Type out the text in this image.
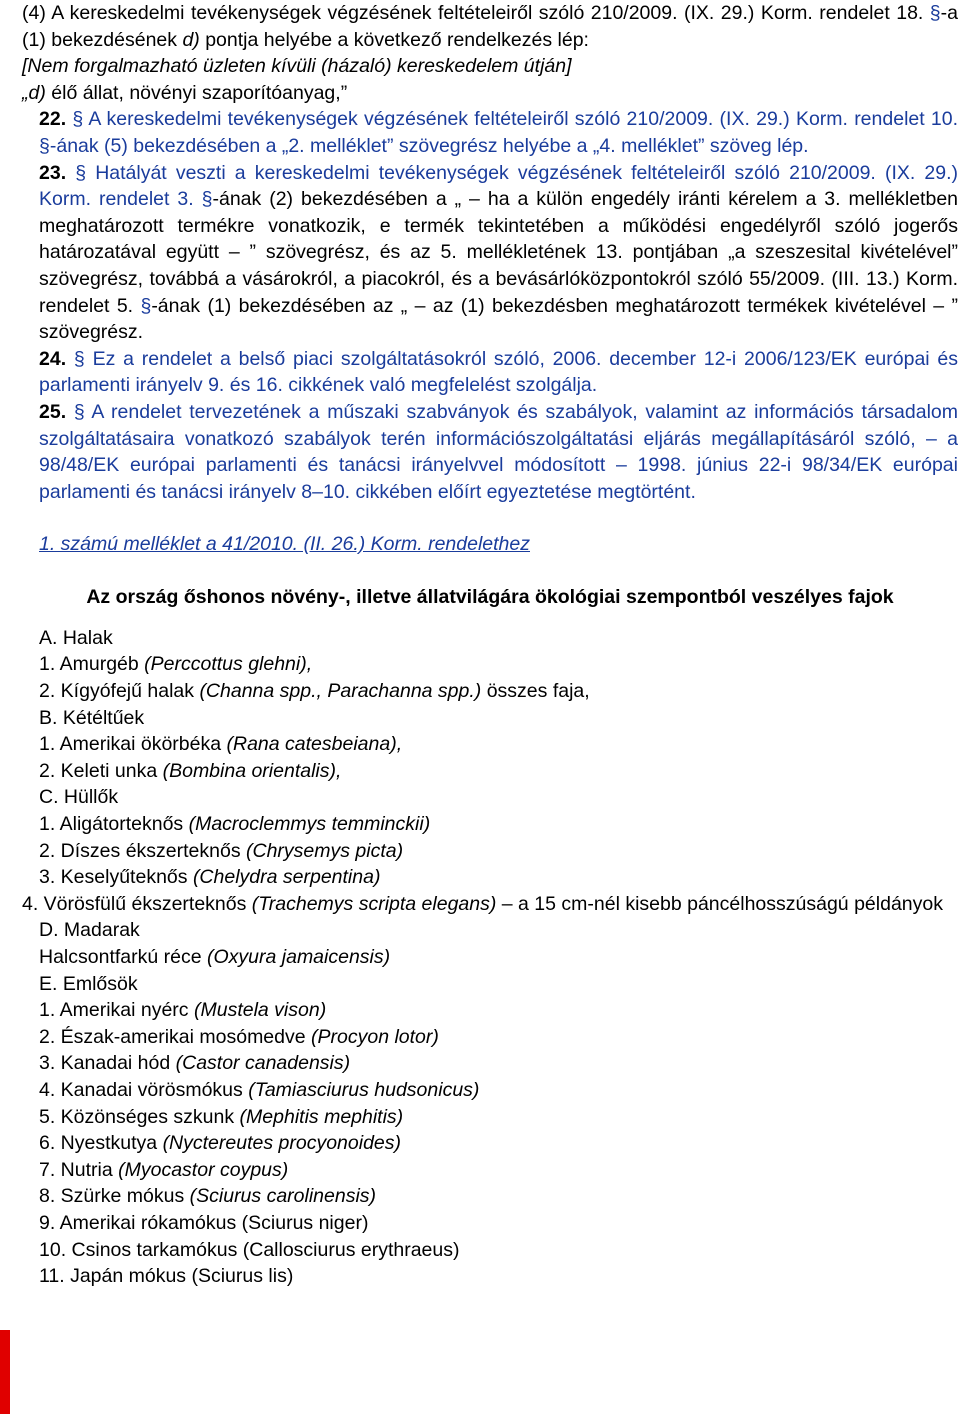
(4) A kereskedelmi tevékenységek végzésének feltételeiről szóló 210/2009. (IX. 29.) Korm. rendelet 18. §-a (1) bekezdésének d) pontja helyébe a következő rendelkezés lép:
[Nem forgalmazható üzleten kívüli (házaló) kereskedelem útján]
„d) élő állat, növényi szaporítóanyag,”

22. § A kereskedelmi tevékenységek végzésének feltételeiről szóló 210/2009. (IX. 29.) Korm. rendelet 10. §-ának (5) bekezdésében a „2. melléklet” szövegrész helyébe a „4. melléklet” szöveg lép.

23. § Hatályát veszti a kereskedelmi tevékenységek végzésének feltételeiről szóló 210/2009. (IX. 29.) Korm. rendelet 3. §-ának (2) bekezdésében a „ – ha a külön engedély iránti kérelem a 3. mellékletben meghatározott termékre vonatkozik, e termék tekintetében a működési engedélyről szóló jogerős határozatával együtt – ” szövegrész, és az 5. mellékletének 13. pontjában „a szeszesital kivételével” szövegrész, továbbá a vásárokról, a piacokról, és a bevásárlóközpontokról szóló 55/2009. (III. 13.) Korm. rendelet 5. §-ának (1) bekezdésében az „ – az (1) bekezdésben meghatározott termékek kivételével – ” szövegrész.

24. § Ez a rendelet a belső piaci szolgáltatásokról szóló, 2006. december 12-i 2006/123/EK európai és parlamenti irányelv 9. és 16. cikkének való megfelelést szolgálja.

25. § A rendelet tervezetének a műszaki szabványok és szabályok, valamint az információs társadalom szolgáltatásaira vonatkozó szabályok terén információszolgáltatási eljárás megállapításáról szóló, – a 98/48/EK európai parlamenti és tanácsi irányelvvel módosított – 1998. június 22-i 98/34/EK európai parlamenti és tanácsi irányelv 8–10. cikkében előírt egyeztetése megtörtént.

1. számú melléklet a 41/2010. (II. 26.) Korm. rendelethez
Az ország őshonos növény-, illetve állatvilágára ökológiai szempontból veszélyes fajok
A. Halak
1. Amurgéb (Perccottus glehni),
2. Kígyófejű halak (Channa spp., Parachanna spp.) összes faja,
B. Kétéltűek
1. Amerikai ökörbéka (Rana catesbeiana),
2. Keleti unka (Bombina orientalis),
C. Hüllők
1. Aligátorteknős (Macroclemmys temminckii)
2. Díszes ékszerteknős (Chrysemys picta)
3. Keselyűteknős (Chelydra serpentina)
4. Vörösfülű ékszerteknős (Trachemys scripta elegans) – a 15 cm-nél kisebb páncélhosszúságú példányok
D. Madarak
Halcsontfarkú réce (Oxyura jamaicensis)
E. Emlősök
1. Amerikai nyérc (Mustela vison)
2. Észak-amerikai mosómedve (Procyon lotor)
3. Kanadai hód (Castor canadensis)
4. Kanadai vörösmókus (Tamiasciurus hudsonicus)
5. Közönséges szkunk (Mephitis mephitis)
6. Nyestkutya (Nyctereutes procyonoides)
7. Nutria (Myocastor coypus)
8. Szürke mókus (Sciurus carolinensis)
9. Amerikai rókamókus (Sciurus niger)
10. Csinos tarkamókus (Callosciurus erythraeus)
11. Japán mókus (Sciurus lis)
